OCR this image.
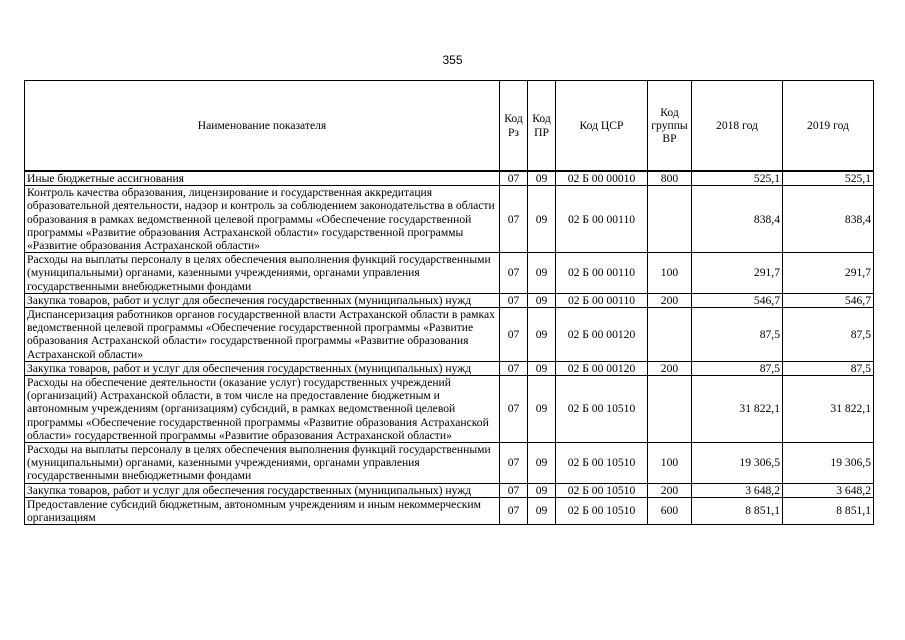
355
Наименование показателя	Код Рз	Код ПР	Код ЦСР	Код группы ВР	2018 год	2019 год
Иные бюджетные ассигнования	07	09	02 Б 00 00010	800	525,1	525,1
Контроль качества образования, лицензирование и государственная аккредитация образовательной деятельности, надзор и контроль за соблюдением законодательства в области образования в рамках ведомственной целевой программы «Обеспечение государственной программы «Развитие образования Астраханской области» государственной программы «Развитие образования Астраханской области»	07	09	02 Б 00 00110		838,4	838,4
Расходы на выплаты персоналу в целях обеспечения выполнения функций государственными (муниципальными) органами, казенными учреждениями, органами управления государственными внебюджетными фондами	07	09	02 Б 00 00110	100	291,7	291,7
Закупка товаров, работ и услуг для обеспечения государственных (муниципальных) нужд	07	09	02 Б 00 00110	200	546,7	546,7
Диспансеризация работников органов государственной власти Астраханской области в рамках ведомственной целевой программы «Обеспечение государственной программы «Развитие образования Астраханской области» государственной программы «Развитие образования Астраханской области»	07	09	02 Б 00 00120		87,5	87,5
Закупка товаров, работ и услуг для обеспечения государственных (муниципальных) нужд	07	09	02 Б 00 00120	200	87,5	87,5
Расходы на обеспечение деятельности (оказание услуг) государственных учреждений (организаций) Астраханской области, в том числе на предоставление бюджетным и автономным учреждениям (организациям) субсидий, в рамках ведомственной целевой программы «Обеспечение государственной программы «Развитие образования Астраханской области» государственной программы «Развитие образования Астраханской области»	07	09	02 Б 00 10510		31 822,1	31 822,1
Расходы на выплаты персоналу в целях обеспечения выполнения функций государственными (муниципальными) органами, казенными учреждениями, органами управления государственными внебюджетными фондами	07	09	02 Б 00 10510	100	19 306,5	19 306,5
Закупка товаров, работ и услуг для обеспечения государственных (муниципальных) нужд	07	09	02 Б 00 10510	200	3 648,2	3 648,2
Предоставление субсидий бюджетным, автономным учреждениям и иным некоммерческим организациям	07	09	02 Б 00 10510	600	8 851,1	8 851,1
